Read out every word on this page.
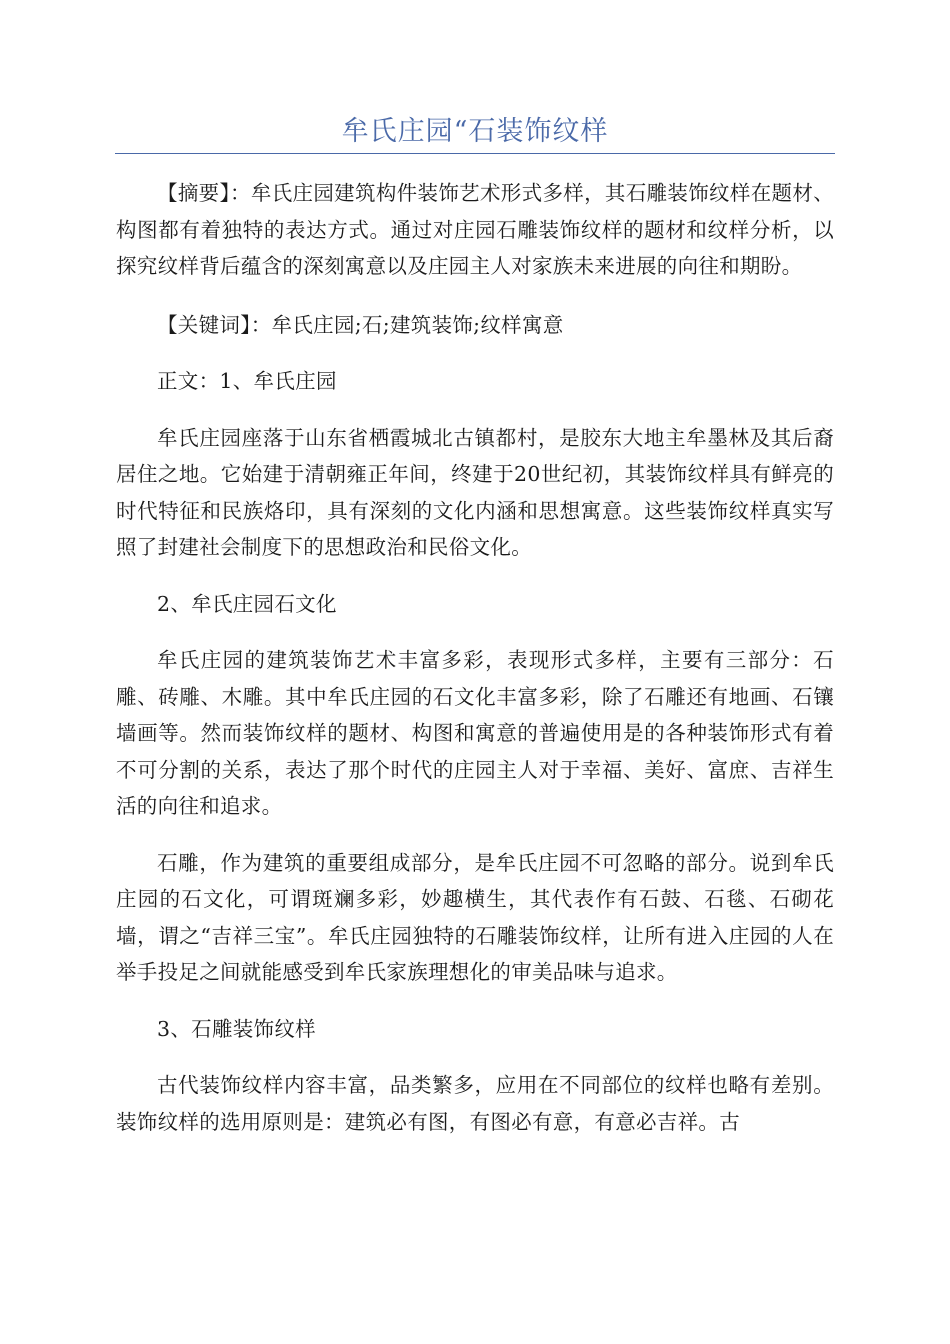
牟氏庄园“石装饰纹样

【摘要】：牟氏庄园建筑构件装饰艺术形式多样，其石雕装饰纹样在题材、构图都有着独特的表达方式。通过对庄园石雕装饰纹样的题材和纹样分析，以探究纹样背后蕴含的深刻寓意以及庄园主人对家族未来进展的向往和期盼。

【关键词】：牟氏庄园;石;建筑装饰;纹样寓意

正文：1、牟氏庄园

牟氏庄园座落于山东省栖霞城北古镇都村，是胶东大地主牟墨林及其后裔居住之地。它始建于清朝雍正年间，终建于20世纪初，其装饰纹样具有鲜亮的时代特征和民族烙印，具有深刻的文化内涵和思想寓意。这些装饰纹样真实写照了封建社会制度下的思想政治和民俗文化。

2、牟氏庄园石文化

牟氏庄园的建筑装饰艺术丰富多彩，表现形式多样，主要有三部分：石雕、砖雕、木雕。其中牟氏庄园的石文化丰富多彩，除了石雕还有地画、石镶墙画等。然而装饰纹样的题材、构图和寓意的普遍使用是的各种装饰形式有着不可分割的关系，表达了那个时代的庄园主人对于幸福、美好、富庶、吉祥生活的向往和追求。

石雕，作为建筑的重要组成部分，是牟氏庄园不可忽略的部分。说到牟氏庄园的石文化，可谓斑斓多彩，妙趣横生，其代表作有石鼓、石毯、石砌花墙，谓之“吉祥三宝”。牟氏庄园独特的石雕装饰纹样，让所有进入庄园的人在举手投足之间就能感受到牟氏家族理想化的审美品味与追求。

3、石雕装饰纹样

古代装饰纹样内容丰富，品类繁多，应用在不同部位的纹样也略有差别。装饰纹样的选用原则是：建筑必有图，有图必有意，有意必吉祥。古
